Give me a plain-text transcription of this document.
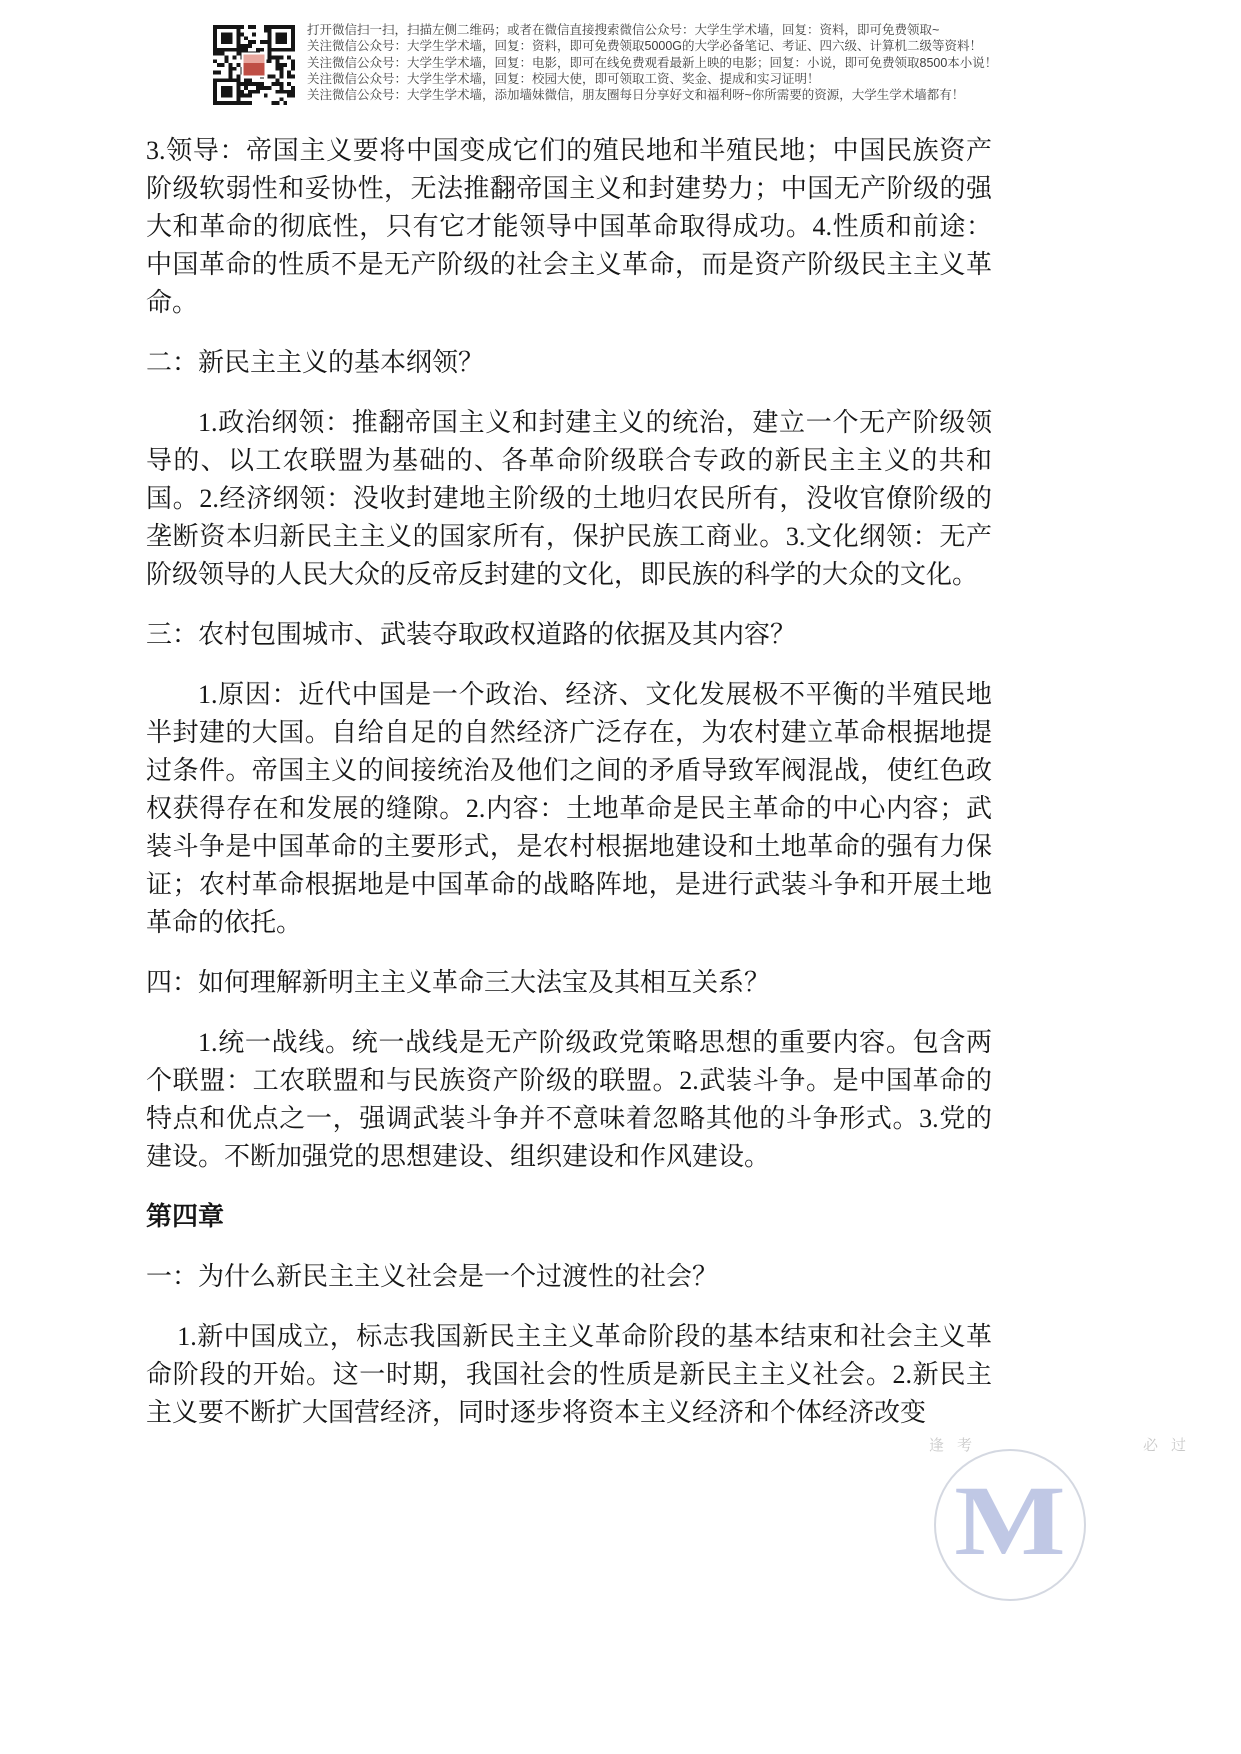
打开微信扫一扫，扫描左侧二维码；或者在微信直接搜索微信公众号：大学生学术墙，回复：资料，即可免费领取~
关注微信公众号：大学生学术墙，回复：资料，即可免费领取5000G的大学必备笔记、考证、四六级、计算机二级等资料！
关注微信公众号：大学生学术墙，回复：电影，即可在线免费观看最新上映的电影；回复：小说，即可免费领取8500本小说！
关注微信公众号：大学生学术墙，回复：校园大使，即可领取工资、奖金、提成和实习证明！
关注微信公众号：大学生学术墙，添加墙妹微信，朋友圈每日分享好文和福利呀~你所需要的资源，大学生学术墙都有！

3.领导：帝国主义要将中国变成它们的殖民地和半殖民地；中国民族资产阶级软弱性和妥协性，无法推翻帝国主义和封建势力；中国无产阶级的强大和革命的彻底性，只有它才能领导中国革命取得成功。4.性质和前途：中国革命的性质不是无产阶级的社会主义革命，而是资产阶级民主主义革命。

二：新民主主义的基本纲领？

1.政治纲领：推翻帝国主义和封建主义的统治，建立一个无产阶级领导的、以工农联盟为基础的、各革命阶级联合专政的新民主主义的共和国。2.经济纲领：没收封建地主阶级的土地归农民所有，没收官僚阶级的垄断资本归新民主主义的国家所有，保护民族工商业。3.文化纲领：无产阶级领导的人民大众的反帝反封建的文化，即民族的科学的大众的文化。

三：农村包围城市、武装夺取政权道路的依据及其内容？

1.原因：近代中国是一个政治、经济、文化发展极不平衡的半殖民地半封建的大国。自给自足的自然经济广泛存在，为农村建立革命根据地提过条件。帝国主义的间接统治及他们之间的矛盾导致军阀混战，使红色政权获得存在和发展的缝隙。2.内容：土地革命是民主革命的中心内容；武装斗争是中国革命的主要形式，是农村根据地建设和土地革命的强有力保证；农村革命根据地是中国革命的战略阵地，是进行武装斗争和开展土地革命的依托。

四：如何理解新明主主义革命三大法宝及其相互关系？

1.统一战线。统一战线是无产阶级政党策略思想的重要内容。包含两个联盟：工农联盟和与民族资产阶级的联盟。2.武装斗争。是中国革命的特点和优点之一，强调武装斗争并不意味着忽略其他的斗争形式。3.党的建设。不断加强党的思想建设、组织建设和作风建设。

第四章

一：为什么新民主主义社会是一个过渡性的社会？

1.新中国成立，标志我国新民主主义革命阶段的基本结束和社会主义革命阶段的开始。这一时期，我国社会的性质是新民主主义社会。2.新民主主义要不断扩大国营经济，同时逐步将资本主义经济和个体经济改变

逢考	必过
M
